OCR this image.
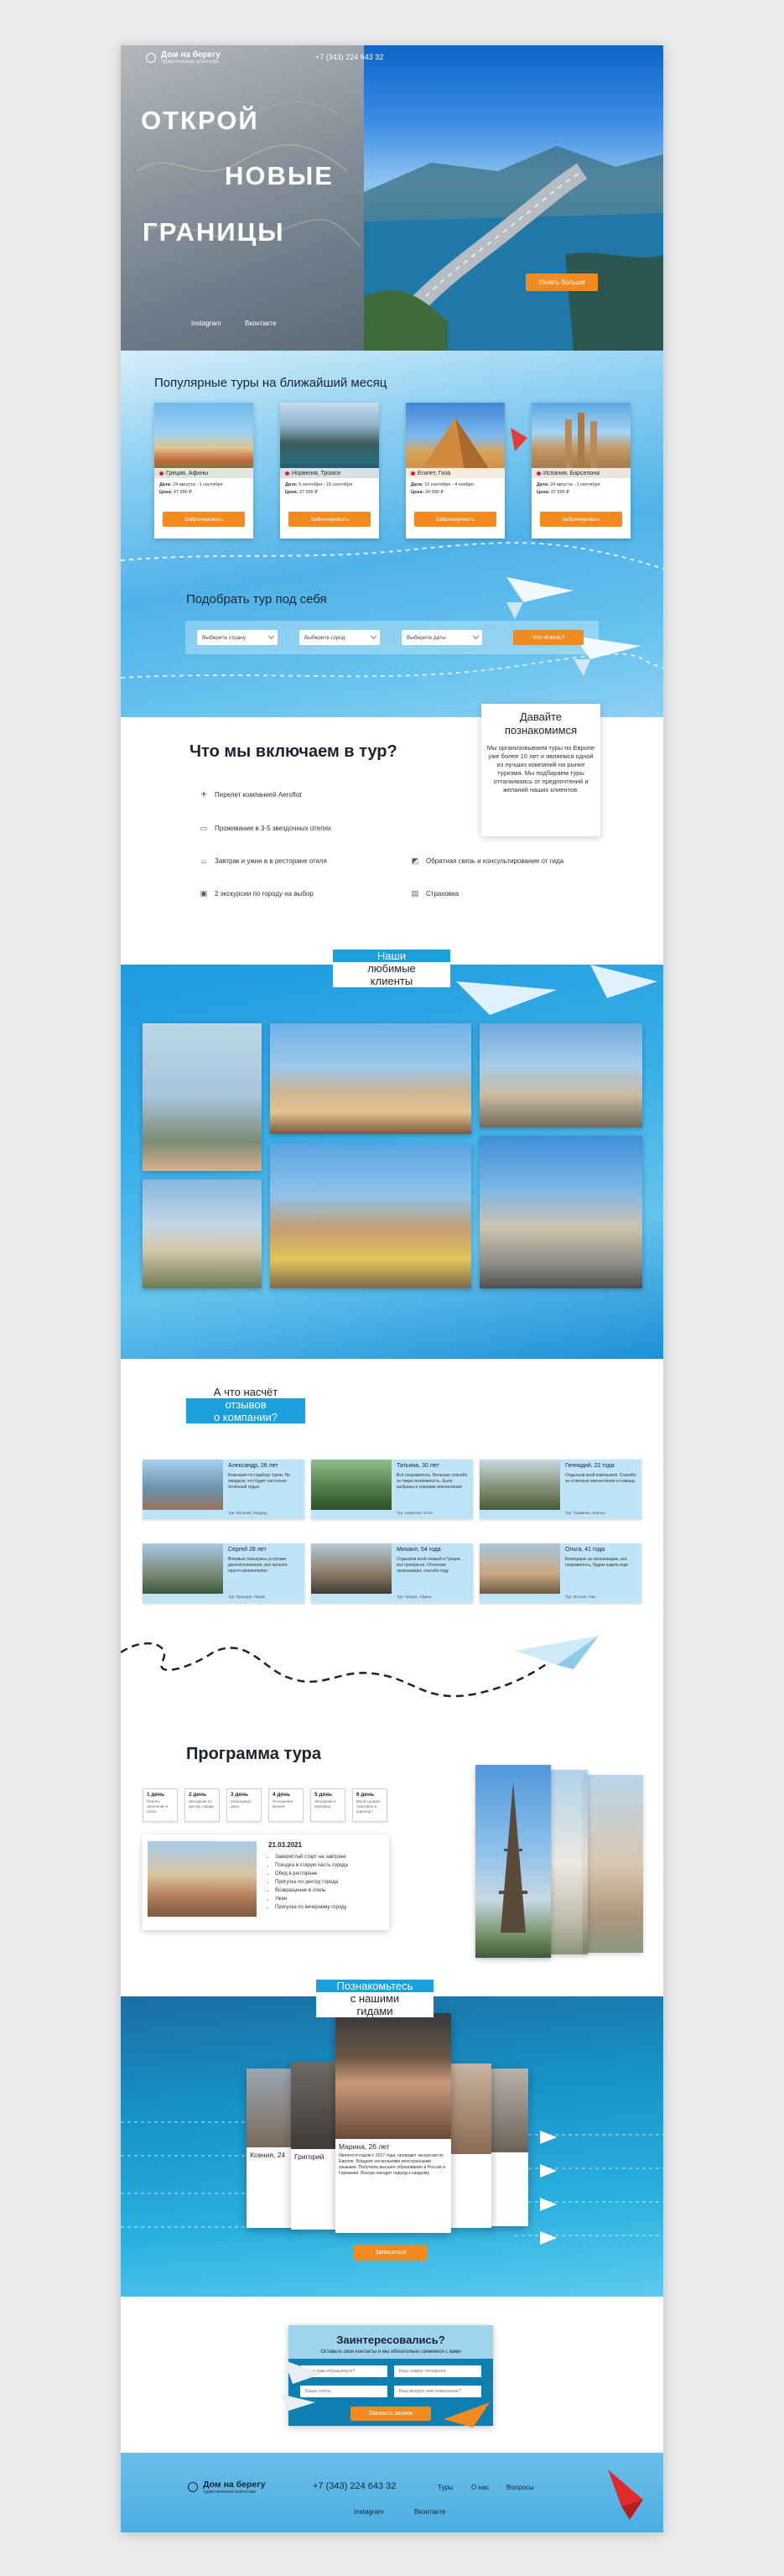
Дом на берегу
туристическое агентство
+7 (343) 224 643 32
ОТКРОЙ
НОВЫЕ
ГРАНИЦЫ
Узнать больше
Instagram	Вконтакте
Популярные туры на ближайший месяц
Греция, Афины
Дата: 24 августа - 1 сентября
Цена: 47 990 ₽
Забронировать
Норвегия, Тромсе
Дата: 5 сентября - 15 сентября
Цена: 37 990 ₽
Забронировать
Египет, Гиза
Дата: 10 сентября - 4 ноября
Цена: 34 990 ₽
Забронировать
Испания, Барселона
Дата: 24 августа - 1 сентября
Цена: 37 990 ₽
Забронировать
Подобрать тур под себя
Выберите страну	Выберите город	Выберите даты	Что искать?
Что мы включаем в тур?
✈ Перелет компанией Aeroflot
▭ Проживание в 3-5 звездочных отелях
⌓ Завтрак и ужин в в ресторане отеля	◩ Обратная связь и консультирование от гида
▣ 2 экскурсии по городу на выбор	▤ Страховка
Давайте
познакомимся

Мы организовываем туры по Европе уже более 10 лет и являемся одной из лучших компаний на рынке туризма. Мы подбираем туры отталкиваясь от предпочтений и желаний наших клиентов.

Наши
любимые
клиенты
А что насчёт
отзывов
о компании?
Александр, 26 лет
Компания по подбору туров. Не ожидали, что будет настолько отличный отдых
Тур: Испания, Мадрид
Татьяна, 30 лет
Всё понравилось. Большое спасибо за такую возможность, были выбраны и хорошие впечатления
Тур: Норвегия, Осло
Геннадий, 22 года
Отдыхали всей компанией. Спасибо за отличные впечатления и помощь
Тур: Германия, Берлин
Сергей 28 лет
Впервые пользуюсь услугами данной компании, все прошло просто великолепно
Тур: Франция, Париж
Михаил, 54 года
Отдыхали всей семьей в Греции, все прекрасно. Отличная организация, спасибо гиду
Тур: Греция, Афины
Ольга, 41 года
Благодарю за организацию, все понравилось, будем ездить еще
Тур: Италия, Рим
Программа тура
1 день
Прилет, заселение в отель
2 день
Экскурсия по центру города
3 день
Свободный день
4 день
Посещение музеев
5 день
Экскурсия в пригород
6 день
Вылет домой, трансфер в аэропорт
21.03.2021
• Заверистый старт на завтраке
• Поездка в старую часть города
• Обед в ресторане
• Прогулка по центру города
• Возвращение в отель
• Ужин
• Прогулка по вечернему городу
Ксения, 24	Григорий
Марина, 26 лет
Является гидом с 2017 года, проводит экскурсии по Европе. Владеет несколькими иностранными языками. Получила высшее образование в России и Германии. Всегда находит подход к каждому.
Записаться
Познакомьтесь
с нашими
гидами
Заинтересовались?

Оставьте свои контакты и мы обязательно свяжемся с вами

Как к вам обращаться?
Ваш номер телефона
Ваша почта
Ваш вопрос или пожелание?
Заказать звонок
Дом на берегу
туристическое агентство
+7 (343) 224 643 32	Туры	О нас	Вопросы
Instagram	Вконтакте
